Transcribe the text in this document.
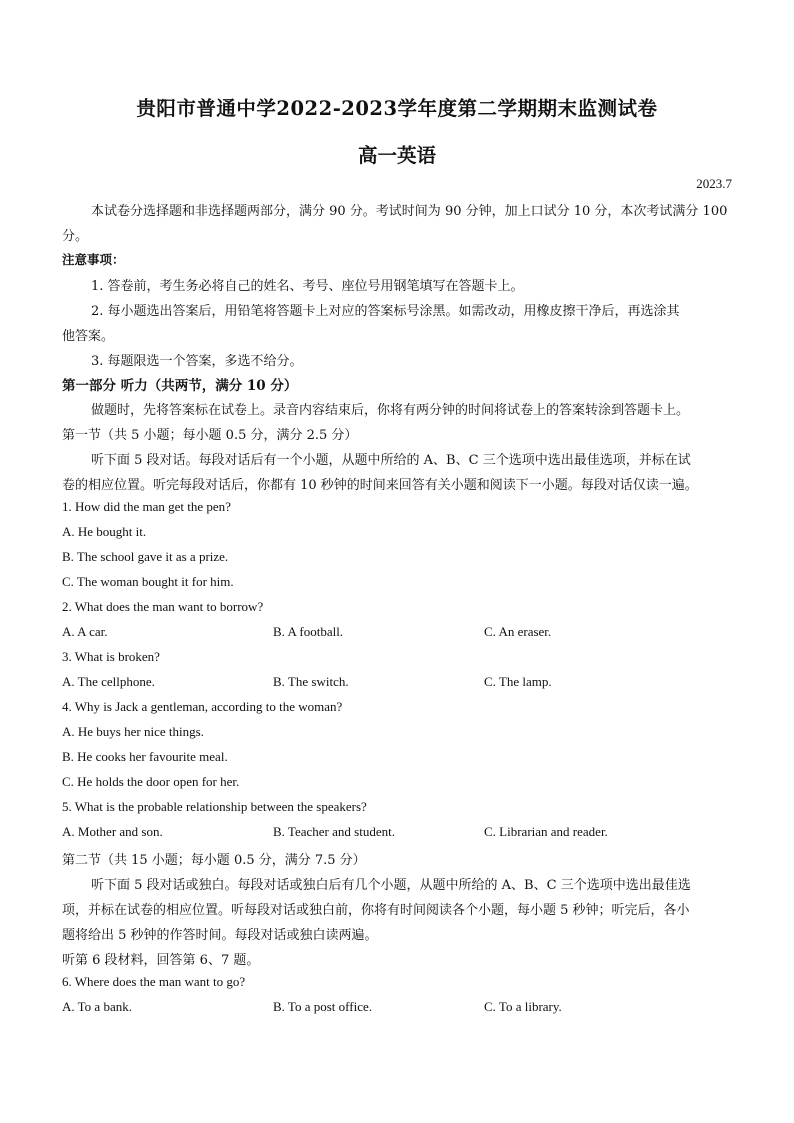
贵阳市普通中学2022-2023学年度第二学期期末监测试卷
高一英语
2023.7
本试卷分选择题和非选择题两部分，满分 90 分。考试时间为 90 分钟，加上口试分 10 分，本次考试满分 100
分。
注意事项：
1. 答卷前，考生务必将自己的姓名、考号、座位号用钢笔填写在答题卡上。
2. 每小题选出答案后，用铅笔将答题卡上对应的答案标号涂黑。如需改动，用橡皮擦干净后，再选涂其
他答案。
3. 每题限选一个答案，多选不给分。
第一部分 听力（共两节，满分 10 分）
做题时，先将答案标在试卷上。录音内容结束后，你将有两分钟的时间将试卷上的答案转涂到答题卡上。
第一节（共 5 小题；每小题 0.5 分，满分 2.5 分）
听下面 5 段对话。每段对话后有一个小题，从题中所给的 A、B、C 三个选项中选出最佳选项，并标在试
卷的相应位置。听完每段对话后，你都有 10 秒钟的时间来回答有关小题和阅读下一小题。每段对话仅读一遍。
1. How did the man get the pen?
A. He bought it.
B. The school gave it as a prize.
C. The woman bought it for him.
2. What does the man want to borrow?
A. A car.	B. A football.	C. An eraser.
3. What is broken?
A. The cellphone.	B. The switch.	C. The lamp.
4. Why is Jack a gentleman, according to the woman?
A. He buys her nice things.
B. He cooks her favourite meal.
C. He holds the door open for her.
5. What is the probable relationship between the speakers?
A. Mother and son.	B. Teacher and student.	C. Librarian and reader.
第二节（共 15 小题；每小题 0.5 分，满分 7.5 分）
听下面 5 段对话或独白。每段对话或独白后有几个小题，从题中所给的 A、B、C 三个选项中选出最佳选
项，并标在试卷的相应位置。听每段对话或独白前，你将有时间阅读各个小题，每小题 5 秒钟；听完后，各小
题将给出 5 秒钟的作答时间。每段对话或独白读两遍。
听第 6 段材料，回答第 6、7 题。
6. Where does the man want to go?
A. To a bank.	B. To a post office.	C. To a library.
